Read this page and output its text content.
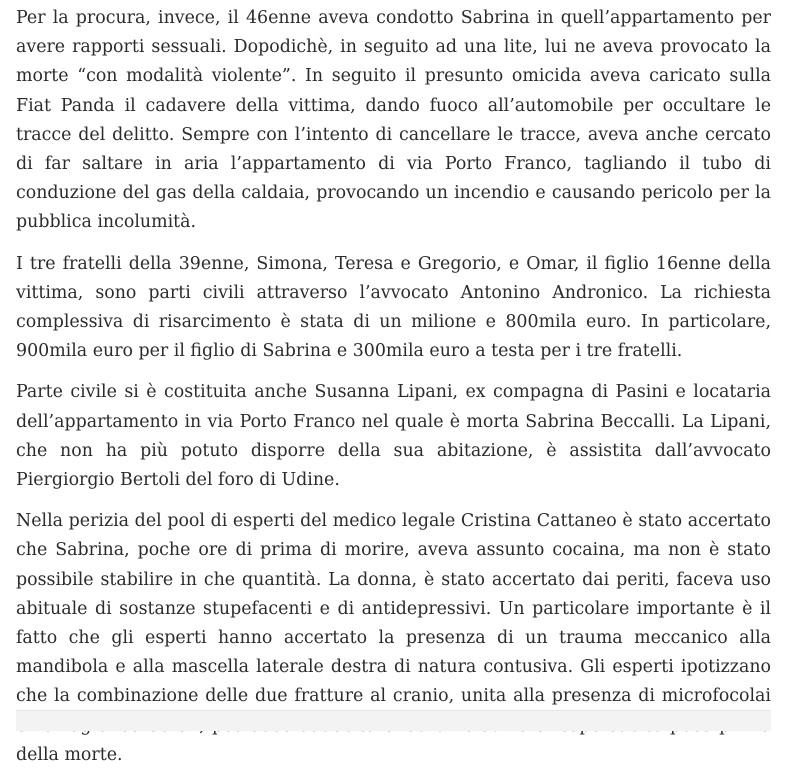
Per la procura, invece, il 46enne aveva condotto Sabrina in quell’appartamento per avere rapporti sessuali. Dopodichè, in seguito ad una lite, lui ne aveva provocato la morte “con modalità violente”. In seguito il presunto omicida aveva caricato sulla Fiat Panda il cadavere della vittima, dando fuoco all’automobile per occultare le tracce del delitto. Sempre con l’intento di cancellare le tracce, aveva anche cercato di far saltare in aria l’appartamento di via Porto Franco, tagliando il tubo di conduzione del gas della caldaia, provocando un incendio e causando pericolo per la pubblica incolumità.

I tre fratelli della 39enne, Simona, Teresa e Gregorio, e Omar, il figlio 16enne della vittima, sono parti civili attraverso l’avvocato Antonino Andronico. La richiesta complessiva di risarcimento è stata di un milione e 800mila euro. In particolare, 900mila euro per il figlio di Sabrina e 300mila euro a testa per i tre fratelli.

Parte civile si è costituita anche Susanna Lipani, ex compagna di Pasini e locataria dell’appartamento in via Porto Franco nel quale è morta Sabrina Beccalli. La Lipani, che non ha più potuto disporre della sua abitazione, è assistita dall’avvocato Piergiorgio Bertoli del foro di Udine.

Nella perizia del pool di esperti del medico legale Cristina Cattaneo è stato accertato che Sabrina, poche ore di prima di morire, aveva assunto cocaina, ma non è stato possibile stabilire in che quantità. La donna, è stato accertato dai periti, faceva uso abituale di sostanze stupefacenti e di antidepressivi. Un particolare importante è il fatto che gli esperti hanno accertato la presenza di un trauma meccanico alla mandibola e alla mascella laterale destra di natura contusiva. Gli esperti ipotizzano che la combinazione delle due fratture al cranio, unita alla presenza di microfocolai della morte.
